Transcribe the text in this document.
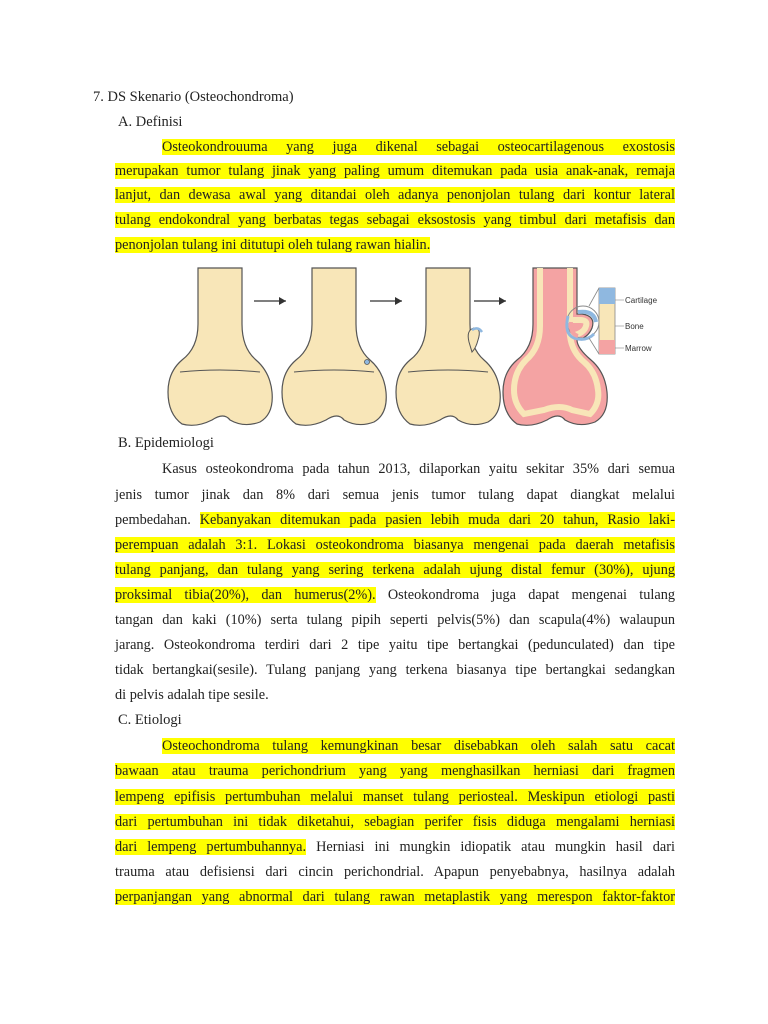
7. DS Skenario (Osteochondroma)
A. Definisi
Osteokondrouuma yang juga dikenal sebagai osteocartilagenous exostosis
merupakan tumor tulang jinak yang paling umum ditemukan pada usia anak-anak, remaja
lanjut, dan dewasa awal yang ditandai oleh adanya penonjolan tulang dari kontur lateral
tulang endokondral yang berbatas tegas sebagai eksostosis yang timbul dari metafisis dan
penonjolan tulang ini ditutupi oleh tulang rawan hialin.
Cartilage
Bone
Marrow
B. Epidemiologi
Kasus osteokondroma pada tahun 2013, dilaporkan yaitu sekitar 35% dari semua
jenis tumor jinak dan 8% dari semua jenis tumor tulang dapat diangkat melalui
pembedahan. Kebanyakan ditemukan pada pasien lebih muda dari 20 tahun, Rasio laki-
perempuan adalah 3:1. Lokasi osteokondroma biasanya mengenai pada daerah metafisis
tulang panjang, dan tulang yang sering terkena adalah ujung distal femur (30%), ujung
proksimal tibia(20%), dan humerus(2%). Osteokondroma juga dapat mengenai tulang
tangan dan kaki (10%) serta tulang pipih seperti pelvis(5%) dan scapula(4%) walaupun
jarang. Osteokondroma terdiri dari 2 tipe yaitu tipe bertangkai (pedunculated) dan tipe
tidak bertangkai(sesile). Tulang panjang yang terkena biasanya tipe bertangkai sedangkan
di pelvis adalah tipe sesile.
C. Etiologi
Osteochondroma tulang kemungkinan besar disebabkan oleh salah satu cacat
bawaan atau trauma perichondrium yang yang menghasilkan herniasi dari fragmen
lempeng epifisis pertumbuhan melalui manset tulang periosteal. Meskipun etiologi pasti
dari pertumbuhan ini tidak diketahui, sebagian perifer fisis diduga mengalami herniasi
dari lempeng pertumbuhannya. Herniasi ini mungkin idiopatik atau mungkin hasil dari
trauma atau defisiensi dari cincin perichondrial. Apapun penyebabnya, hasilnya adalah
perpanjangan yang abnormal dari tulang rawan metaplastik yang merespon faktor-faktor
